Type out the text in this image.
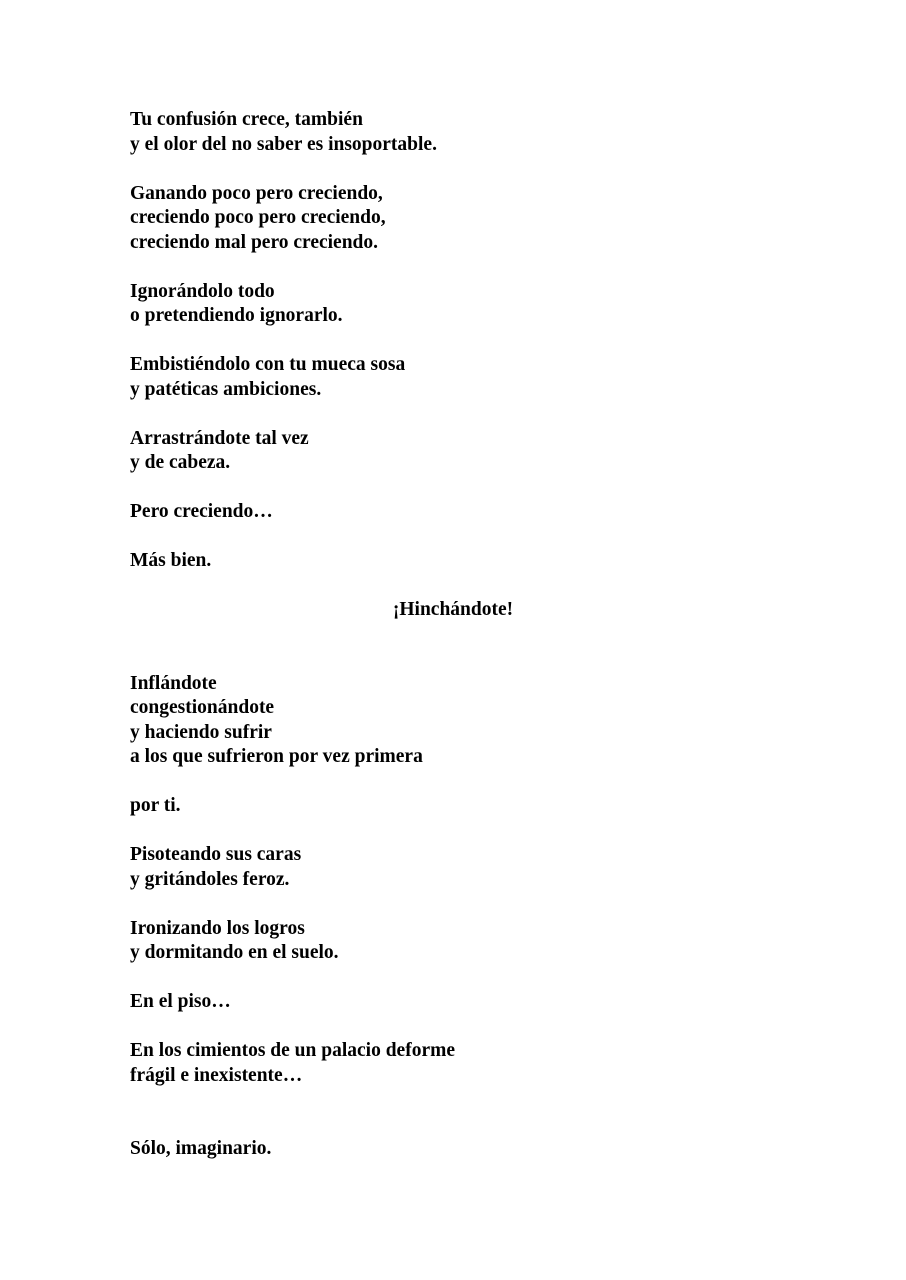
Tu confusión crece, también
y el olor del no saber es insoportable.
Ganando poco pero creciendo,
creciendo poco pero creciendo,
creciendo mal pero creciendo.
Ignorándolo todo
o pretendiendo ignorarlo.
Embistiéndolo con tu mueca sosa
y patéticas ambiciones.
Arrastrándote tal vez
y de cabeza.
Pero creciendo…
Más bien.
¡Hinchándote!
Inflándote
congestionándote
y haciendo sufrir
a los que sufrieron por vez primera
por ti.
Pisoteando sus caras
y gritándoles feroz.
Ironizando los logros
y dormitando en el suelo.
En el piso…
En los cimientos de un palacio deforme
frágil e inexistente…
Sólo, imaginario.
